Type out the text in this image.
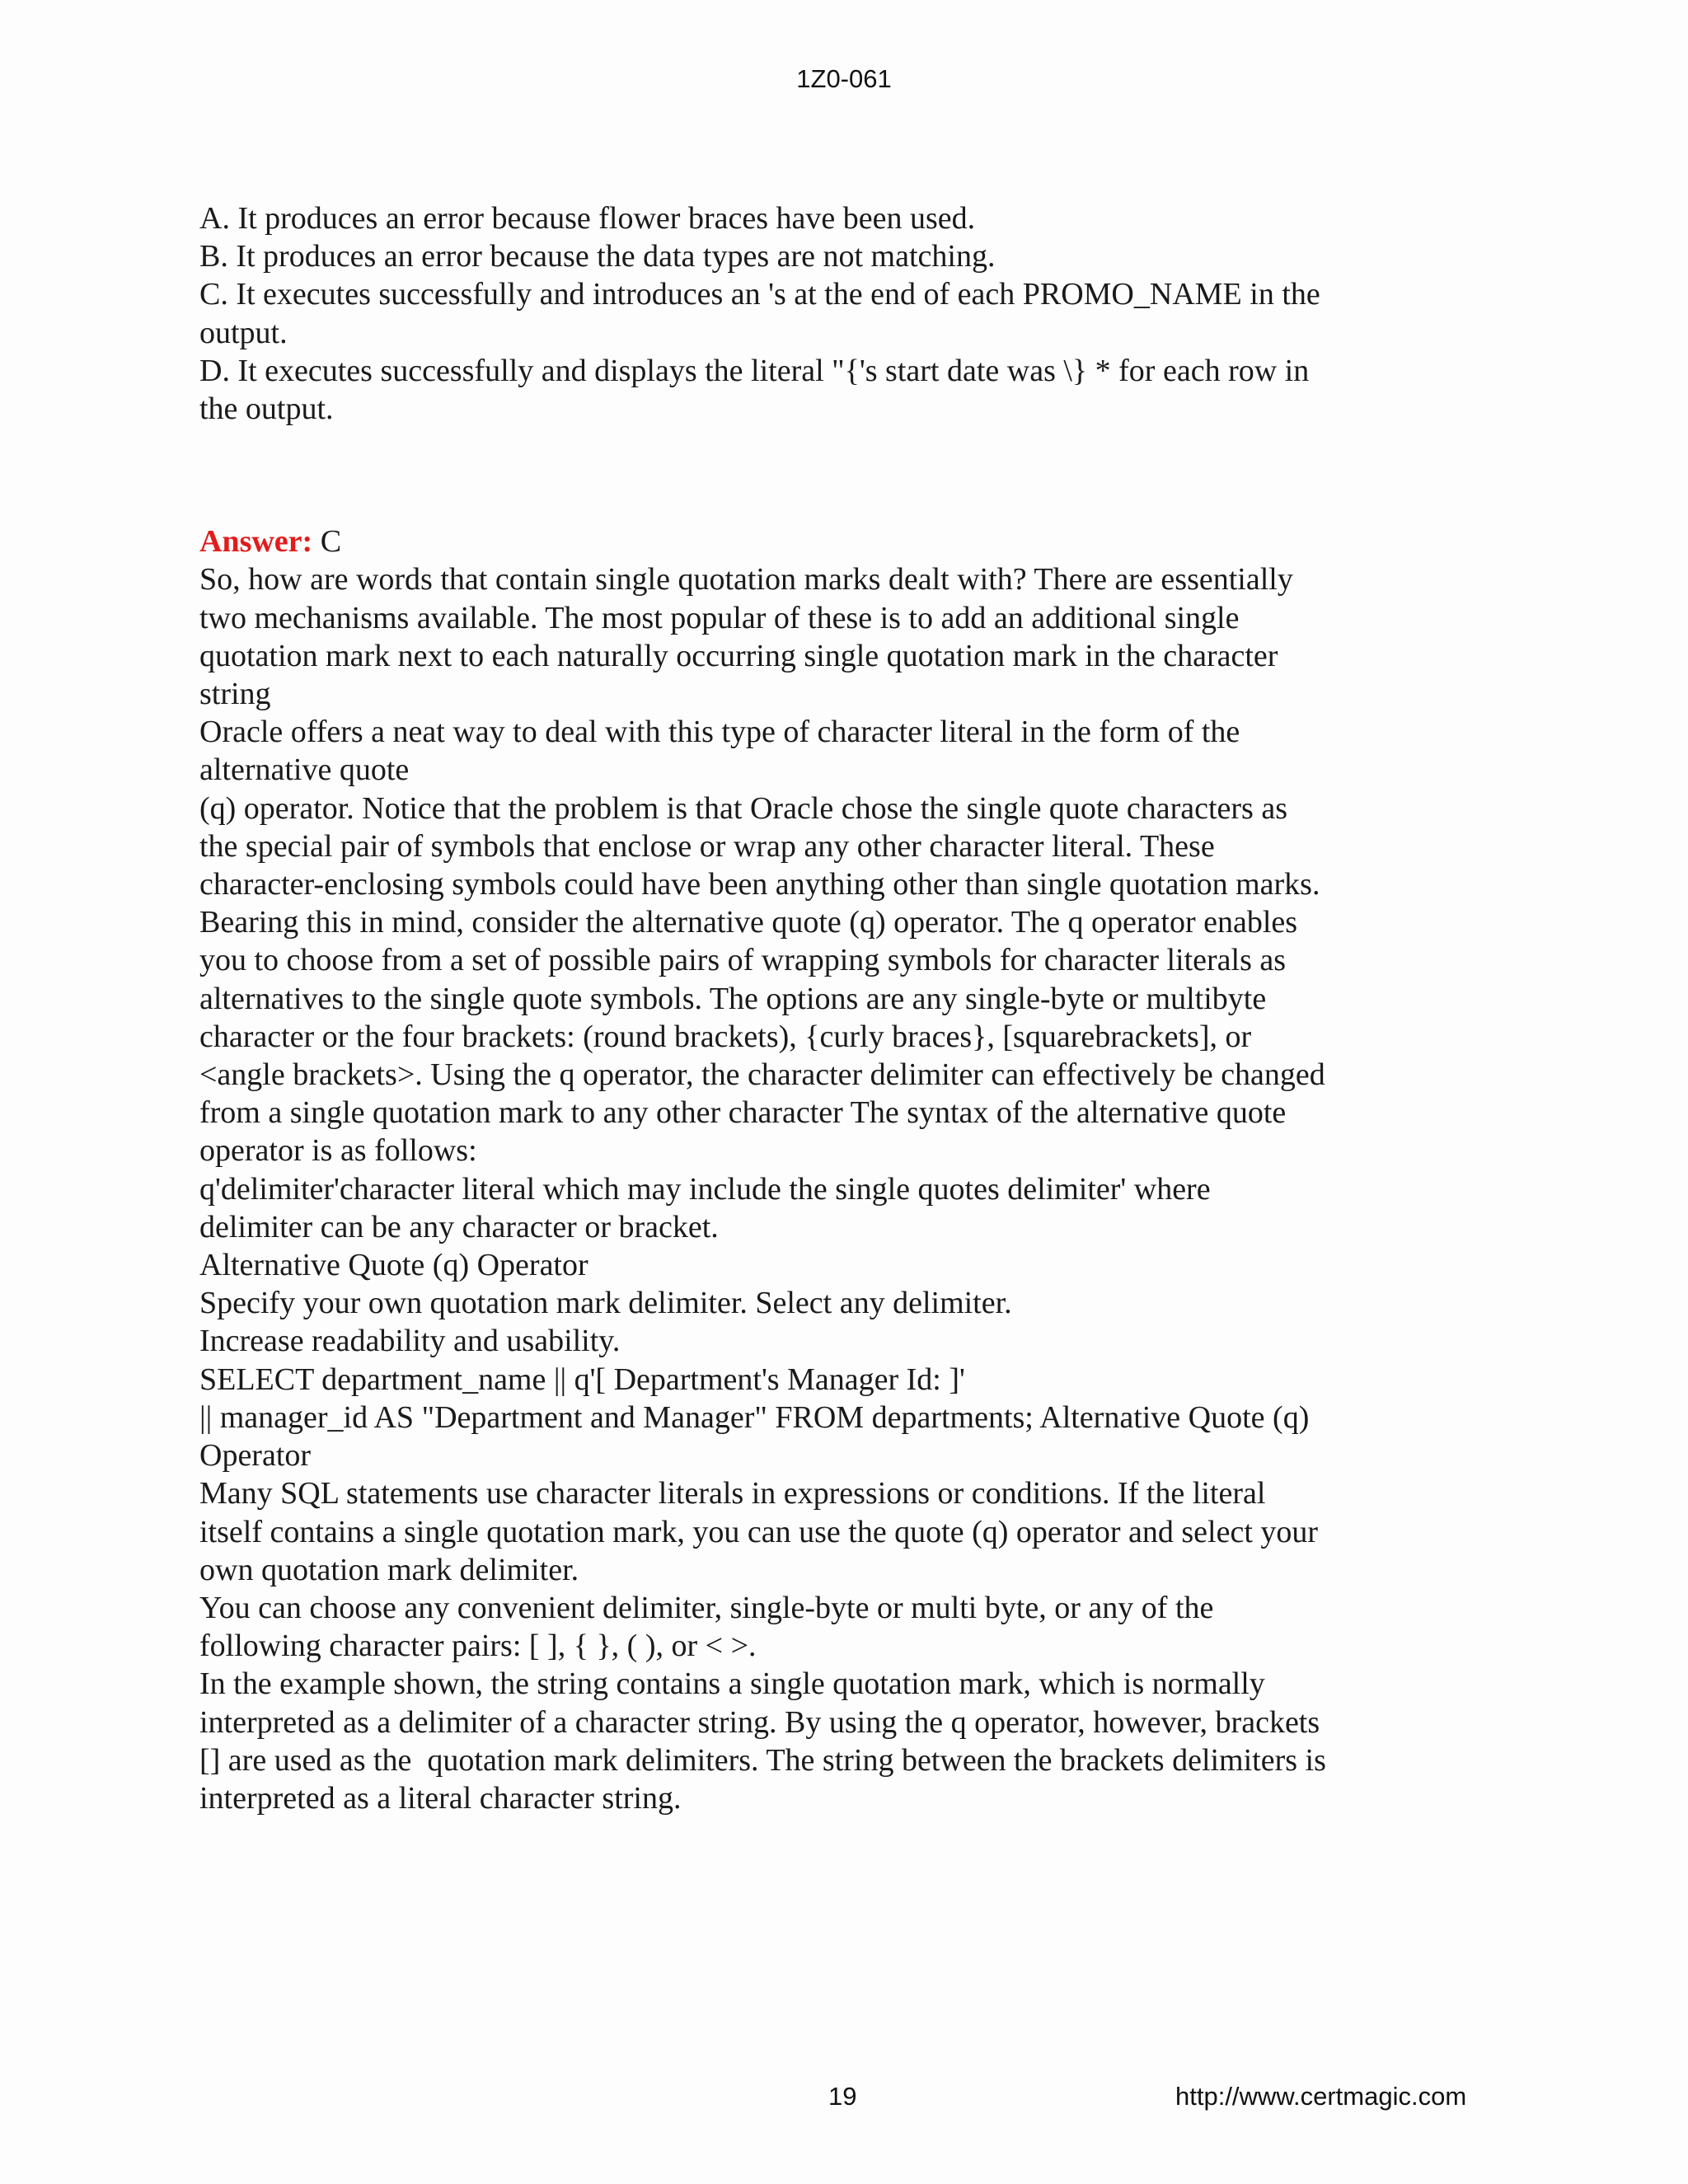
1Z0-061
A. It produces an error because flower braces have been used.
B. It produces an error because the data types are not matching.
C. It executes successfully and introduces an 's at the end of each PROMO_NAME in the
output.
D. It executes successfully and displays the literal "{'s start date was \} * for each row in
the output.
Answer: C
So, how are words that contain single quotation marks dealt with? There are essentially
two mechanisms available. The most popular of these is to add an additional single
quotation mark next to each naturally occurring single quotation mark in the character
string
Oracle offers a neat way to deal with this type of character literal in the form of the
alternative quote
(q) operator. Notice that the problem is that Oracle chose the single quote characters as
the special pair of symbols that enclose or wrap any other character literal. These
character-enclosing symbols could have been anything other than single quotation marks.
Bearing this in mind, consider the alternative quote (q) operator. The q operator enables
you to choose from a set of possible pairs of wrapping symbols for character literals as
alternatives to the single quote symbols. The options are any single-byte or multibyte
character or the four brackets: (round brackets), {curly braces}, [squarebrackets], or
<angle brackets>. Using the q operator, the character delimiter can effectively be changed
from a single quotation mark to any other character The syntax of the alternative quote
operator is as follows:
q'delimiter'character literal which may include the single quotes delimiter' where
delimiter can be any character or bracket.
Alternative Quote (q) Operator
Specify your own quotation mark delimiter. Select any delimiter.
Increase readability and usability.
SELECT department_name || q'[ Department's Manager Id: ]'
|| manager_id AS "Department and Manager" FROM departments; Alternative Quote (q)
Operator
Many SQL statements use character literals in expressions or conditions. If the literal
itself contains a single quotation mark, you can use the quote (q) operator and select your
own quotation mark delimiter.
You can choose any convenient delimiter, single-byte or multi byte, or any of the
following character pairs: [ ], { }, ( ), or < >.
In the example shown, the string contains a single quotation mark, which is normally
interpreted as a delimiter of a character string. By using the q operator, however, brackets
[] are used as the  quotation mark delimiters. The string between the brackets delimiters is
interpreted as a literal character string.
19	http://www.certmagic.com
